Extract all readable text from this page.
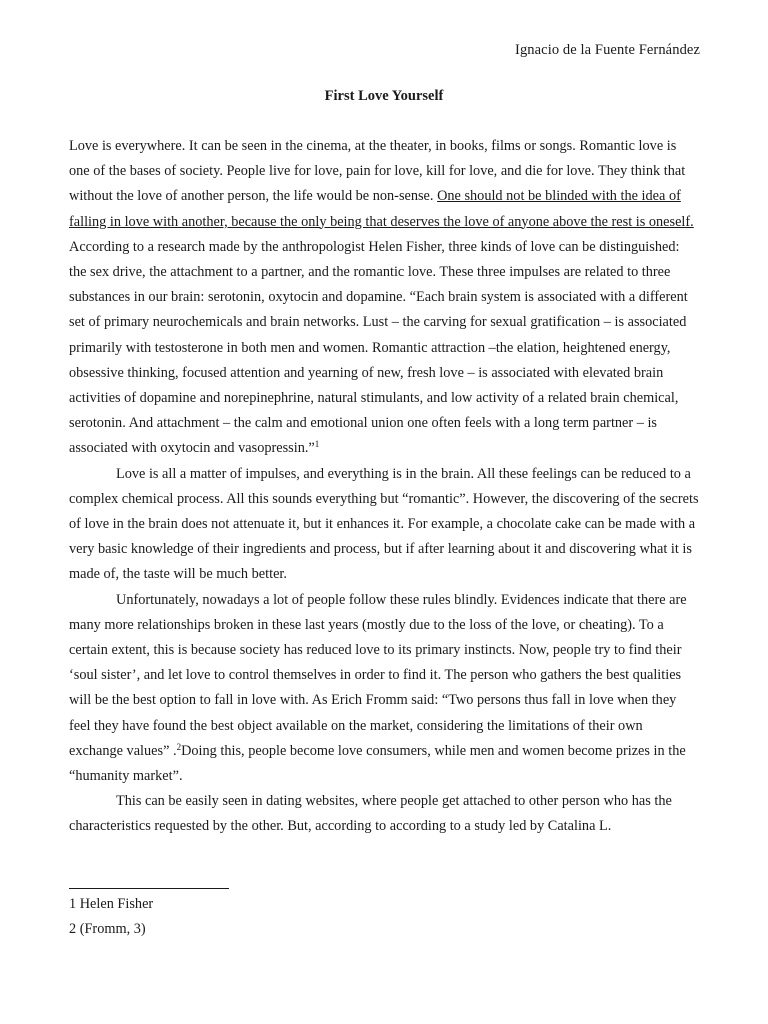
Ignacio de la Fuente Fernández
First Love Yourself

Love is everywhere. It can be seen in the cinema, at the theater, in books, films or songs. Romantic love is one of the bases of society. People live for love, pain for love, kill for love, and die for love. They think that without the love of another person, the life would be non-sense. One should not be blinded with the idea of falling in love with another, because the only being that deserves the love of anyone above the rest is oneself.

According to a research made by the anthropologist Helen Fisher, three kinds of love can be distinguished: the sex drive, the attachment to a partner, and the romantic love. These three impulses are related to three substances in our brain: serotonin, oxytocin and dopamine. “Each brain system is associated with a different set of primary neurochemicals and brain networks. Lust – the carving for sexual gratification – is associated primarily with testosterone in both men and women. Romantic attraction –the elation, heightened energy, obsessive thinking, focused attention and yearning of new, fresh love – is associated with elevated brain activities of dopamine and norepinephrine, natural stimulants, and low activity of a related brain chemical, serotonin. And attachment – the calm and emotional union one often feels with a long term partner – is associated with oxytocin and vasopressin.”$^1$

Love is all a matter of impulses, and everything is in the brain. All these feelings can be reduced to a complex chemical process. All this sounds everything but “romantic”. However, the discovering of the secrets of love in the brain does not attenuate it, but it enhances it. For example, a chocolate cake can be made with a very basic knowledge of their ingredients and process, but if after learning about it and discovering what it is made of, the taste will be much better.

Unfortunately, nowadays a lot of people follow these rules blindly. Evidences indicate that there are many more relationships broken in these last years (mostly due to the loss of the love, or cheating). To a certain extent, this is because society has reduced love to its primary instincts. Now, people try to find their ‘soul sister’, and let love to control themselves in order to find it. The person who gathers the best qualities will be the best option to fall in love with. As Erich Fromm said: “Two persons thus fall in love when they feel they have found the best object available on the market, considering the limitations of their own exchange values” .$^2$Doing this, people become love consumers, while men and women become prizes in the “humanity market”.

This can be easily seen in dating websites, where people get attached to other person who has the characteristics requested by the other. But, according to according to a study led by Catalina L.

1 Helen Fisher
2 (Fromm, 3)
